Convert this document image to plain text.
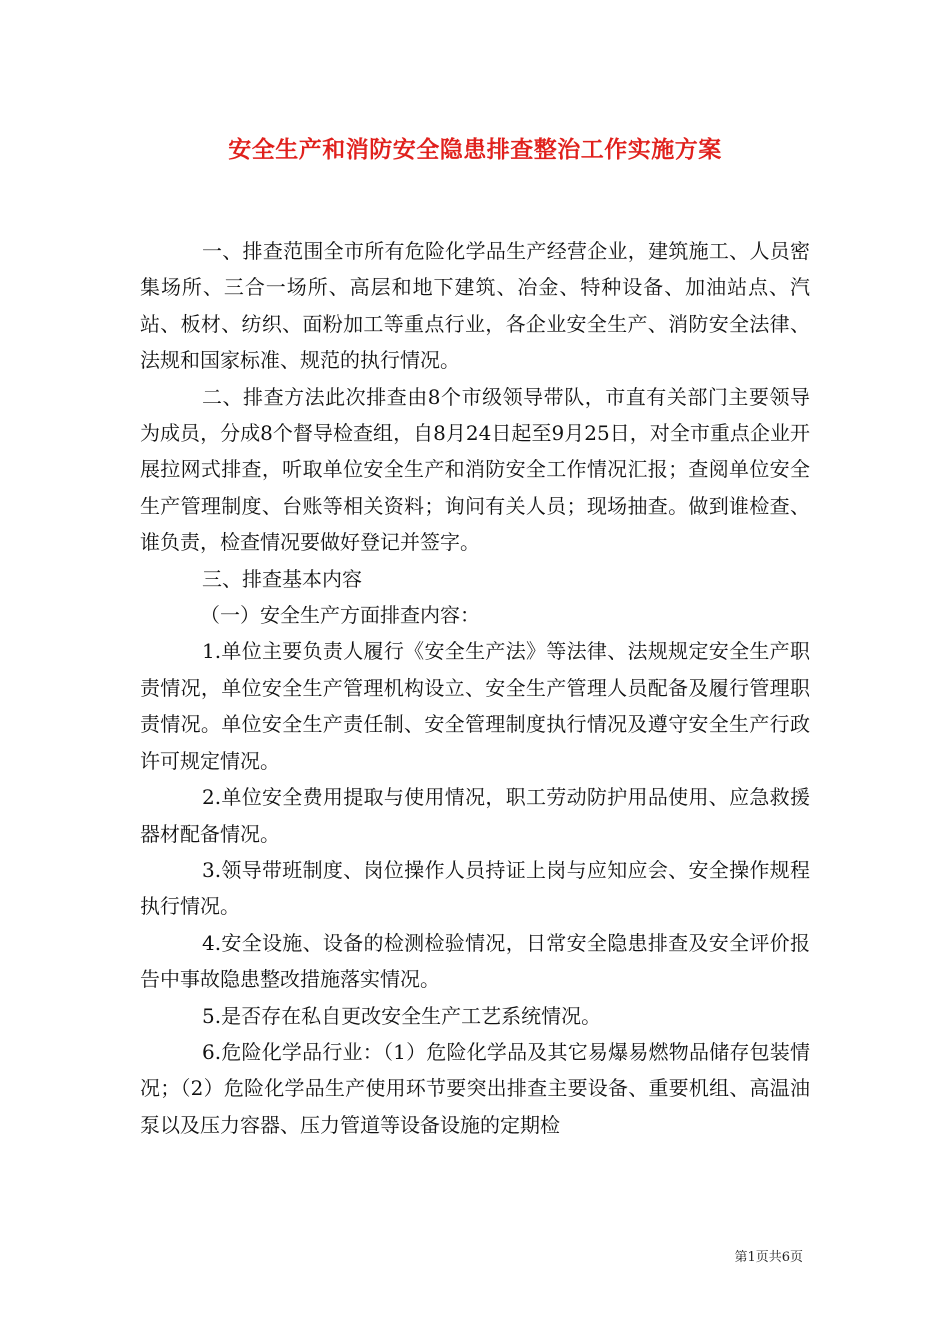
安全生产和消防安全隐患排查整治工作实施方案

一、排查范围全市所有危险化学品生产经营企业，建筑施工、人员密集场所、三合一场所、高层和地下建筑、冶金、特种设备、加油站点、汽站、板材、纺织、面粉加工等重点行业，各企业安全生产、消防安全法律、法规和国家标准、规范的执行情况。

二、排查方法此次排查由8个市级领导带队，市直有关部门主要领导为成员，分成8个督导检查组，自8月24日起至9月25日，对全市重点企业开展拉网式排查，听取单位安全生产和消防安全工作情况汇报；查阅单位安全生产管理制度、台账等相关资料；询问有关人员；现场抽查。做到谁检查、谁负责，检查情况要做好登记并签字。

三、排查基本内容

（一）安全生产方面排查内容：

1.单位主要负责人履行《安全生产法》等法律、法规规定安全生产职责情况，单位安全生产管理机构设立、安全生产管理人员配备及履行管理职责情况。单位安全生产责任制、安全管理制度执行情况及遵守安全生产行政许可规定情况。

2.单位安全费用提取与使用情况，职工劳动防护用品使用、应急救援器材配备情况。

3.领导带班制度、岗位操作人员持证上岗与应知应会、安全操作规程执行情况。

4.安全设施、设备的检测检验情况，日常安全隐患排查及安全评价报告中事故隐患整改措施落实情况。

5.是否存在私自更改安全生产工艺系统情况。

6.危险化学品行业：（1）危险化学品及其它易爆易燃物品储存包装情况；（2）危险化学品生产使用环节要突出排查主要设备、重要机组、高温油泵以及压力容器、压力管道等设备设施的定期检

第1页共6页
